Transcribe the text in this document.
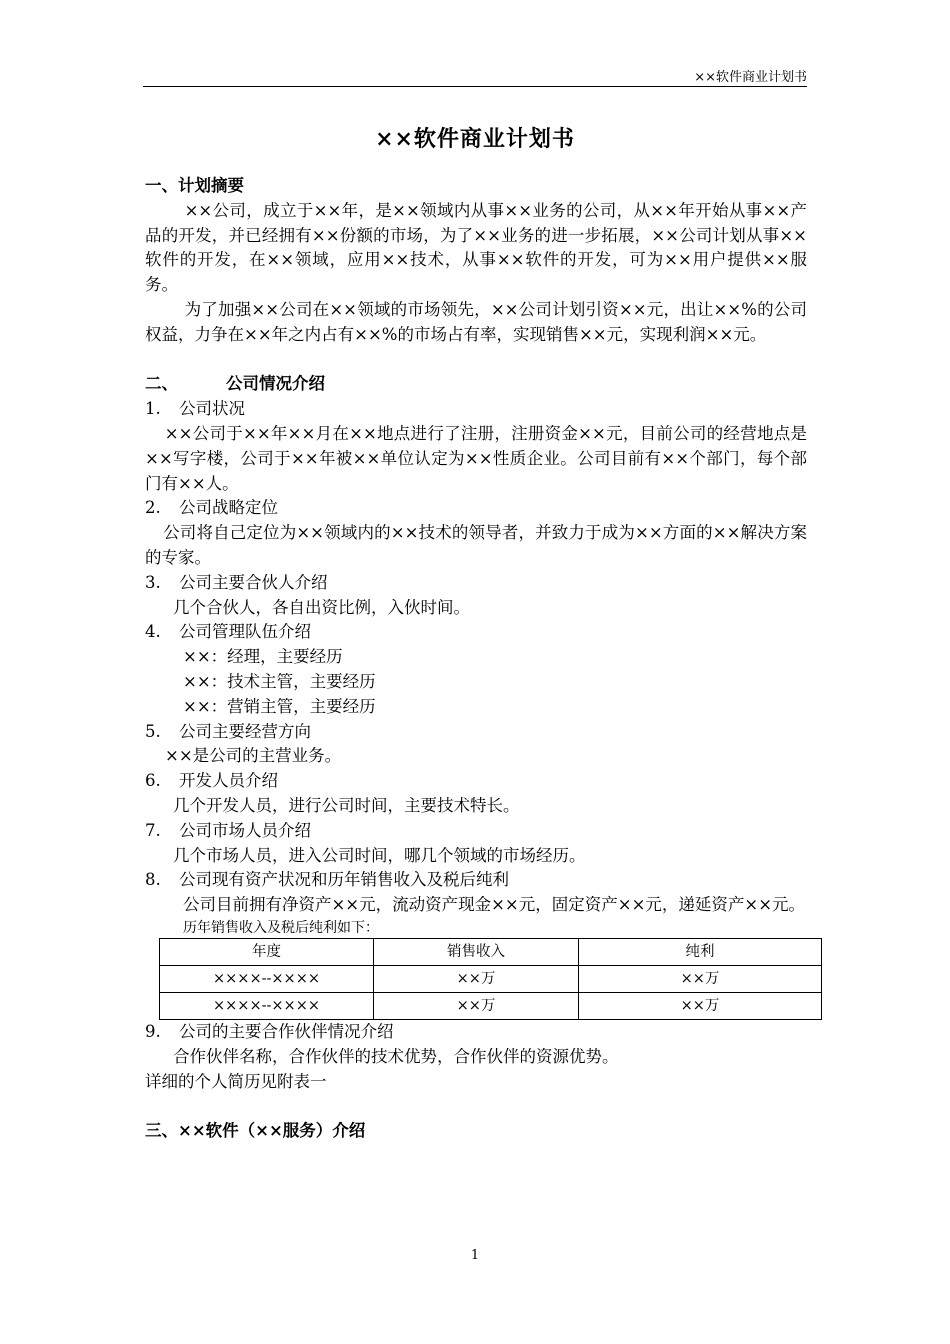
××软件商业计划书
××软件商业计划书

一、计划摘要

××公司，成立于××年，是××领域内从事××业务的公司，从××年开始从事××产品的开发，并已经拥有××份额的市场，为了××业务的进一步拓展，××公司计划从事××软件的开发，在××领域，应用××技术，从事××软件的开发，可为××用户提供××服务。

为了加强××公司在××领域的市场领先，××公司计划引资××元，出让××%的公司权益，力争在××年之内占有××%的市场占有率，实现销售××元，实现利润××元。

二、	公司情况介绍

1.	公司状况

××公司于××年××月在××地点进行了注册，注册资金××元，目前公司的经营地点是××写字楼，公司于××年被××单位认定为××性质企业。公司目前有××个部门，每个部门有××人。

2.	公司战略定位

公司将自己定位为××领域内的××技术的领导者，并致力于成为××方面的××解决方案的专家。

3.	公司主要合伙人介绍

几个合伙人，各自出资比例，入伙时间。

4.	公司管理队伍介绍

××：经理，主要经历

××：技术主管，主要经历

××：营销主管，主要经历

5.	公司主要经营方向

××是公司的主营业务。

6.	开发人员介绍

几个开发人员，进行公司时间，主要技术特长。

7.	公司市场人员介绍

几个市场人员，进入公司时间，哪几个领域的市场经历。

8.	公司现有资产状况和历年销售收入及税后纯利

公司目前拥有净资产××元，流动资产现金××元，固定资产××元，递延资产××元。

历年销售收入及税后纯利如下：

年度	销售收入	纯利
××××--××××	××万	××万
××××--××××	××万	××万
9.	公司的主要合作伙伴情况介绍

合作伙伴名称，合作伙伴的技术优势，合作伙伴的资源优势。

详细的个人简历见附表一

三、××软件（××服务）介绍

1
